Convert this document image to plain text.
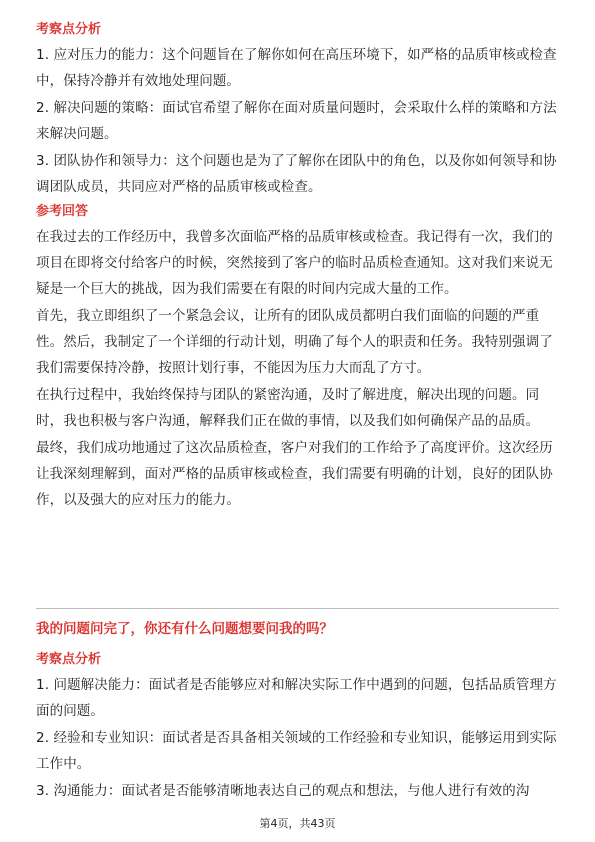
考察点分析
1. 应对压力的能力：这个问题旨在了解你如何在高压环境下，如严格的品质审核或检查中，保持冷静并有效地处理问题。
2. 解决问题的策略：面试官希望了解你在面对质量问题时，会采取什么样的策略和方法来解决问题。
3. 团队协作和领导力：这个问题也是为了了解你在团队中的角色，以及你如何领导和协调团队成员，共同应对严格的品质审核或检查。
参考回答
在我过去的工作经历中，我曾多次面临严格的品质审核或检查。我记得有一次，我们的项目在即将交付给客户的时候，突然接到了客户的临时品质检查通知。这对我们来说无疑是一个巨大的挑战，因为我们需要在有限的时间内完成大量的工作。
首先，我立即组织了一个紧急会议，让所有的团队成员都明白我们面临的问题的严重性。然后，我制定了一个详细的行动计划，明确了每个人的职责和任务。我特别强调了我们需要保持冷静，按照计划行事，不能因为压力大而乱了方寸。
在执行过程中，我始终保持与团队的紧密沟通，及时了解进度，解决出现的问题。同时，我也积极与客户沟通，解释我们正在做的事情，以及我们如何确保产品的品质。
最终，我们成功地通过了这次品质检查，客户对我们的工作给予了高度评价。这次经历让我深刻理解到，面对严格的品质审核或检查，我们需要有明确的计划，良好的团队协作，以及强大的应对压力的能力。
我的问题问完了，你还有什么问题想要问我的吗？
考察点分析
1. 问题解决能力：面试者是否能够应对和解决实际工作中遇到的问题，包括品质管理方面的问题。
2. 经验和专业知识：面试者是否具备相关领域的工作经验和专业知识，能够运用到实际工作中。
3. 沟通能力：面试者是否能够清晰地表达自己的观点和想法，与他人进行有效的沟
第4页，共43页
